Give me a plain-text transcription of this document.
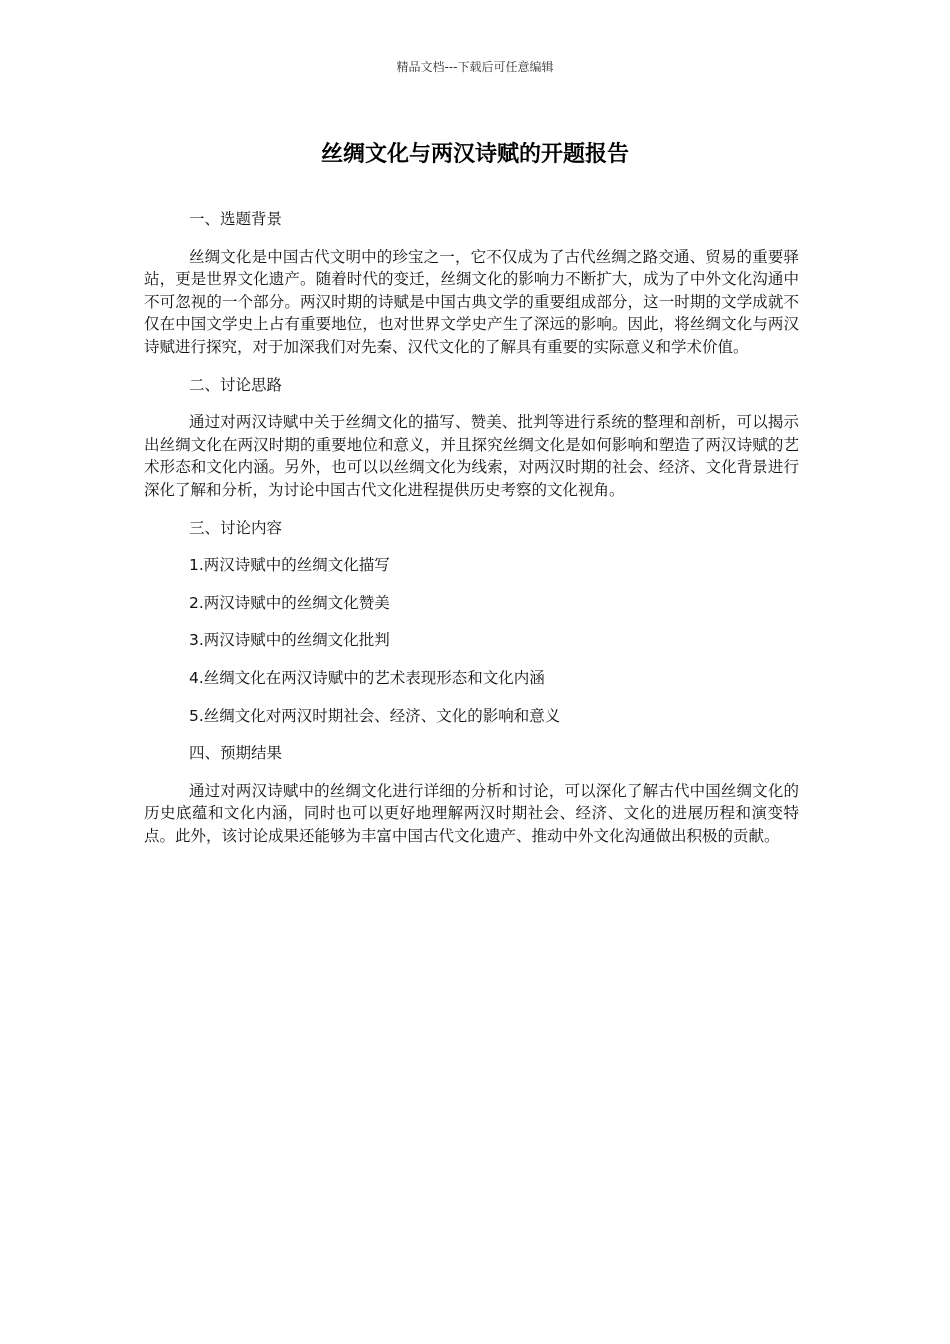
精品文档---下载后可任意编辑
丝绸文化与两汉诗赋的开题报告

一、选题背景

丝绸文化是中国古代文明中的珍宝之一，它不仅成为了古代丝绸之路交通、贸易的重要驿站，更是世界文化遗产。随着时代的变迁，丝绸文化的影响力不断扩大，成为了中外文化沟通中不可忽视的一个部分。两汉时期的诗赋是中国古典文学的重要组成部分，这一时期的文学成就不仅在中国文学史上占有重要地位，也对世界文学史产生了深远的影响。因此，将丝绸文化与两汉诗赋进行探究，对于加深我们对先秦、汉代文化的了解具有重要的实际意义和学术价值。

二、讨论思路

通过对两汉诗赋中关于丝绸文化的描写、赞美、批判等进行系统的整理和剖析，可以揭示出丝绸文化在两汉时期的重要地位和意义，并且探究丝绸文化是如何影响和塑造了两汉诗赋的艺术形态和文化内涵。另外，也可以以丝绸文化为线索，对两汉时期的社会、经济、文化背景进行深化了解和分析，为讨论中国古代文化进程提供历史考察的文化视角。

三、讨论内容

1.两汉诗赋中的丝绸文化描写

2.两汉诗赋中的丝绸文化赞美

3.两汉诗赋中的丝绸文化批判

4.丝绸文化在两汉诗赋中的艺术表现形态和文化内涵

5.丝绸文化对两汉时期社会、经济、文化的影响和意义

四、预期结果

通过对两汉诗赋中的丝绸文化进行详细的分析和讨论，可以深化了解古代中国丝绸文化的历史底蕴和文化内涵，同时也可以更好地理解两汉时期社会、经济、文化的进展历程和演变特点。此外，该讨论成果还能够为丰富中国古代文化遗产、推动中外文化沟通做出积极的贡献。
